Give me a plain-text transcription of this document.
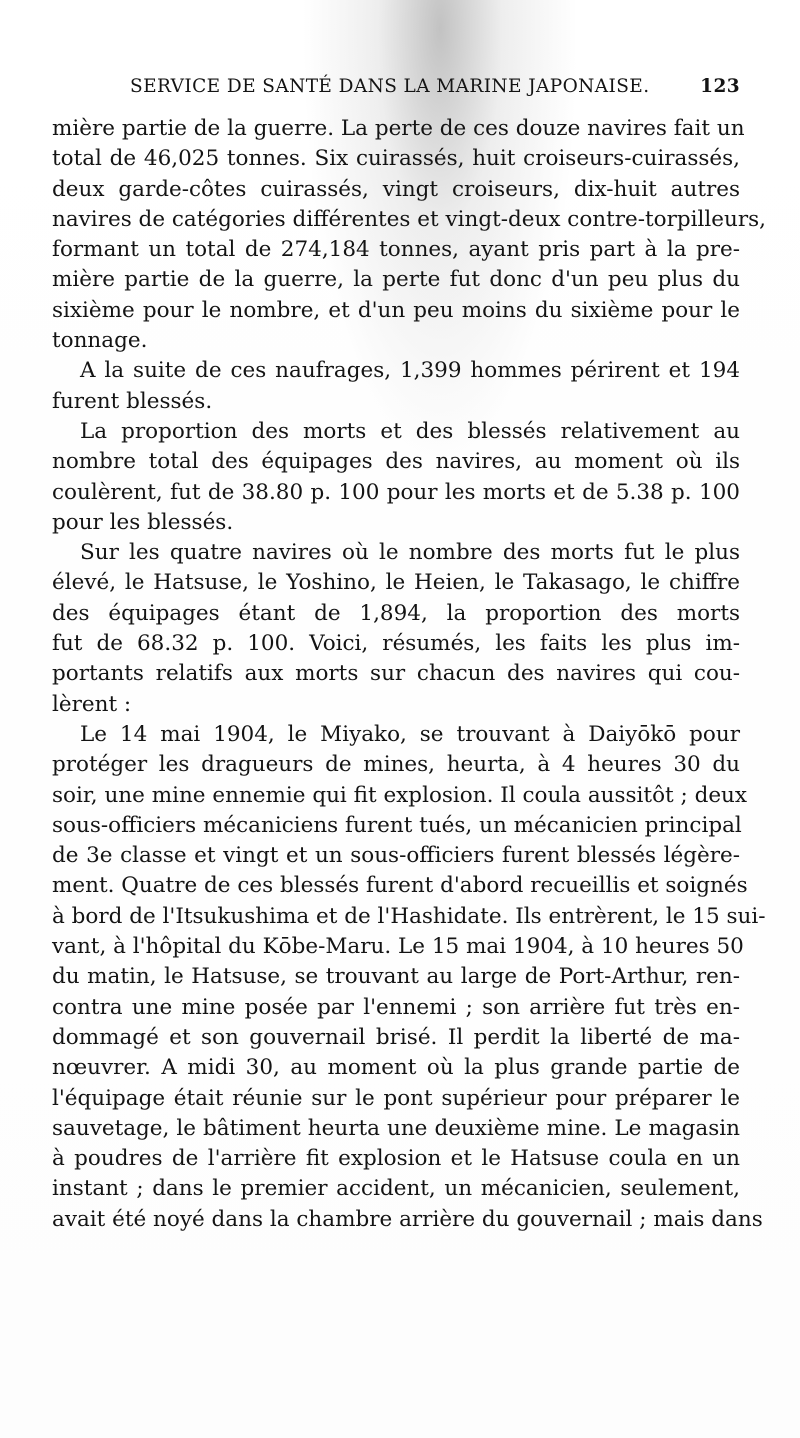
SERVICE DE SANTÉ DANS LA MARINE JAPONAISE.	123
mière partie de la guerre. La perte de ces douze navires fait un
total de 46,025 tonnes. Six cuirassés, huit croiseurs-cuirassés,
deux garde-côtes cuirassés, vingt croiseurs, dix-huit autres
navires de catégories différentes et vingt-deux contre-torpilleurs,
formant un total de 274,184 tonnes, ayant pris part à la pre-
mière partie de la guerre, la perte fut donc d'un peu plus du
sixième pour le nombre, et d'un peu moins du sixième pour le
tonnage.
A la suite de ces naufrages, 1,399 hommes périrent et 194
furent blessés.
La proportion des morts et des blessés relativement au
nombre total des équipages des navires, au moment où ils
coulèrent, fut de 38.80 p. 100 pour les morts et de 5.38 p. 100
pour les blessés.
Sur les quatre navires où le nombre des morts fut le plus
élevé, le Hatsuse, le Yoshino, le Heien, le Takasago, le chiffre
des équipages étant de 1,894, la proportion des morts
fut de 68.32 p. 100. Voici, résumés, les faits les plus im-
portants relatifs aux morts sur chacun des navires qui cou-
lèrent :
Le 14 mai 1904, le Miyako, se trouvant à Daiyōkō pour
protéger les dragueurs de mines, heurta, à 4 heures 30 du
soir, une mine ennemie qui fit explosion. Il coula aussitôt ; deux
sous-officiers mécaniciens furent tués, un mécanicien principal
de 3e classe et vingt et un sous-officiers furent blessés légère-
ment. Quatre de ces blessés furent d'abord recueillis et soignés
à bord de l'Itsukushima et de l'Hashidate. Ils entrèrent, le 15 sui-
vant, à l'hôpital du Kōbe-Maru. Le 15 mai 1904, à 10 heures 50
du matin, le Hatsuse, se trouvant au large de Port-Arthur, ren-
contra une mine posée par l'ennemi ; son arrière fut très en-
dommagé et son gouvernail brisé. Il perdit la liberté de ma-
nœuvrer. A midi 30, au moment où la plus grande partie de
l'équipage était réunie sur le pont supérieur pour préparer le
sauvetage, le bâtiment heurta une deuxième mine. Le magasin
à poudres de l'arrière fit explosion et le Hatsuse coula en un
instant ; dans le premier accident, un mécanicien, seulement,
avait été noyé dans la chambre arrière du gouvernail ; mais dans
